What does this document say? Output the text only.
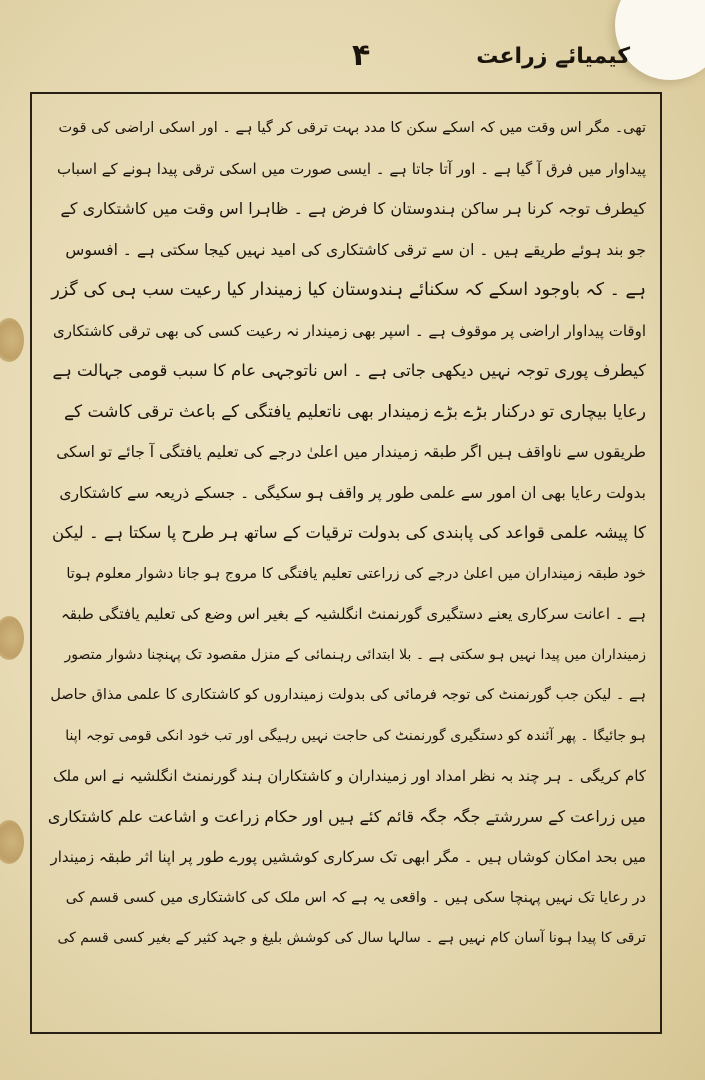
۴	کیمیائے زراعت
تھی۔ مگر اس وقت میں کہ اسکے سکن کا مدد بہت ترقی کر گیا ہے ۔ اور اسکی اراضی کی قوت
پیداوار میں فرق آ گیا ہے ۔ اور آتا جاتا ہے ۔ ایسی صورت میں اسکی ترقی پیدا ہونے کے اسباب
کیطرف توجہ کرنا ہر ساکن ہندوستان کا فرض ہے ۔ ظاہرا اس وقت میں کاشتکاری کے
جو بند ہوئے طریقے ہیں ۔ ان سے ترقی کاشتکاری کی امید نہیں کیجا سکتی ہے ۔ افسوس
ہے ۔ کہ باوجود اسکے کہ سکنائے ہندوستان کیا زمیندار کیا رعیت سب ہی کی گزر
اوقات پیداوار اراضی پر موقوف ہے ۔ اسپر بھی زمیندار نہ رعیت کسی کی بھی ترقی کاشتکاری
کیطرف پوری توجہ نہیں دیکھی جاتی ہے ۔ اس ناتوجہی عام کا سبب قومی جہالت ہے
رعایا بیچاری تو درکنار بڑے بڑے زمیندار بھی ناتعلیم یافتگی کے باعث ترقی کاشت کے
طریقوں سے ناواقف ہیں اگر طبقہ زمیندار میں اعلیٰ درجے کی تعلیم یافتگی آ جائے تو اسکی
بدولت رعایا بھی ان امور سے علمی طور پر واقف ہو سکیگی ۔ جسکے ذریعہ سے کاشتکاری
کا پیشہ علمی قواعد کی پابندی کی بدولت ترقیات کے ساتھ ہر طرح پا سکتا ہے ۔ لیکن
خود طبقہ زمینداران میں اعلیٰ درجے کی زراعتی تعلیم یافتگی کا مروج ہو جانا دشوار معلوم ہوتا
ہے ۔ اعانت سرکاری یعنے دستگیری گورنمنٹ انگلشیہ کے بغیر اس وضع کی تعلیم یافتگی طبقہ
زمینداران میں پیدا نہیں ہو سکتی ہے ۔ بلا ابتدائی رہنمائی کے منزل مقصود تک پہنچنا دشوار متصور
ہے ۔ لیکن جب گورنمنٹ کی توجہ فرمائی کی بدولت زمینداروں کو کاشتکاری کا علمی مذاق حاصل
ہو جائیگا ۔ پھر آئندہ کو دستگیری گورنمنٹ کی حاجت نہیں رہیگی اور تب خود انکی قومی توجہ اپنا
کام کریگی ۔ ہر چند بہ نظر امداد اور زمینداران و کاشتکاران ہند گورنمنٹ انگلشیہ نے اس ملک
میں زراعت کے سررشتے جگہ جگہ قائم کئے ہیں اور حکام زراعت و اشاعت علم کاشتکاری
میں بحد امکان کوشاں ہیں ۔ مگر ابھی تک سرکاری کوششیں پورے طور پر اپنا اثر طبقہ زمیندار
در رعایا تک نہیں پہنچا سکی ہیں ۔ واقعی یہ ہے کہ اس ملک کی کاشتکاری میں کسی قسم کی
ترقی کا پیدا ہونا آسان کام نہیں ہے ۔ سالہا سال کی کوشش بلیغ و جہد کثیر کے بغیر کسی قسم کی
